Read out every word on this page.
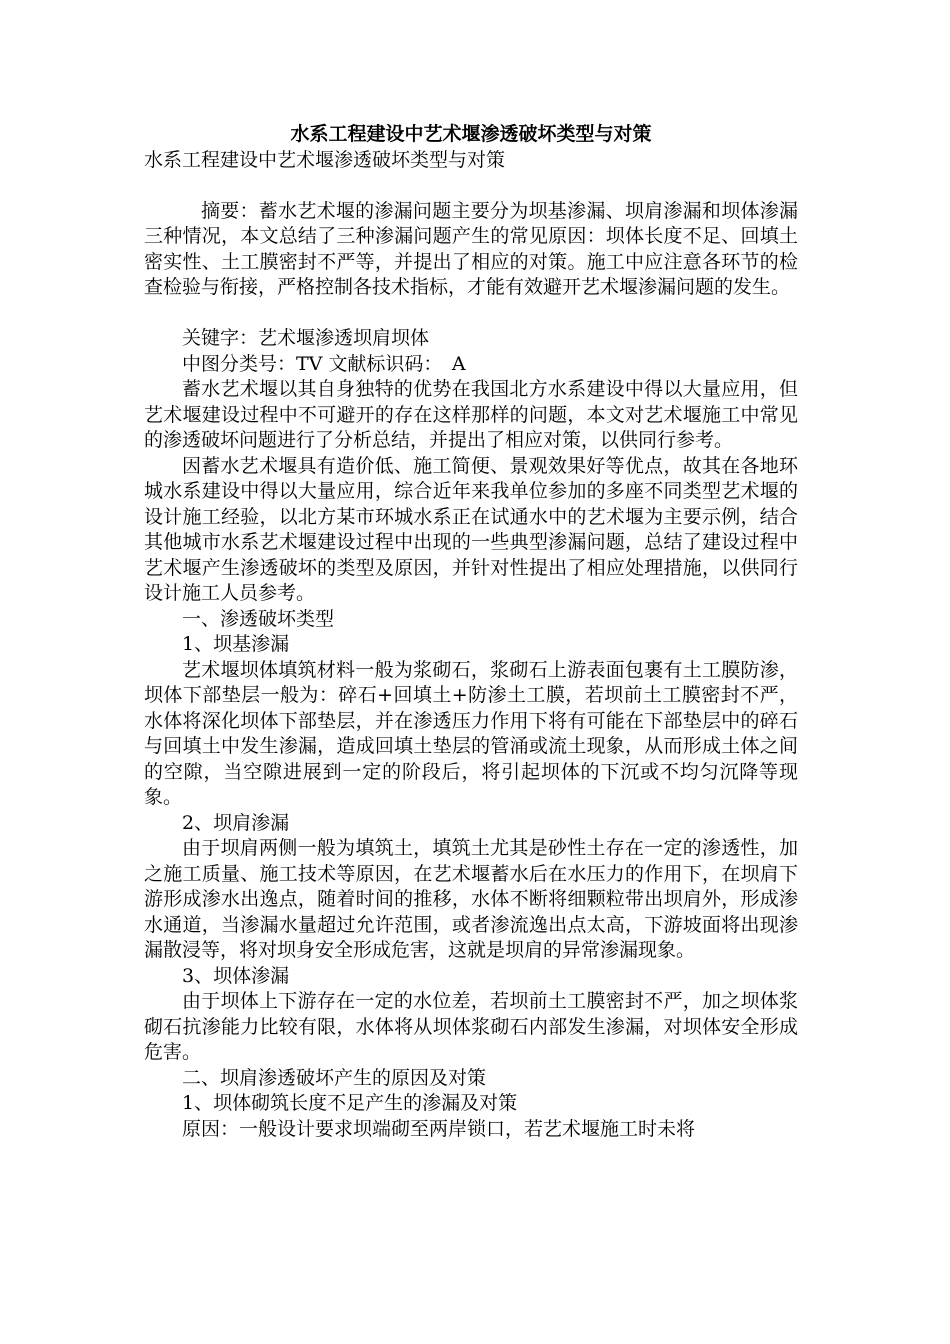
水系工程建设中艺术堰渗透破坏类型与对策

水系工程建设中艺术堰渗透破坏类型与对策

摘要：蓄水艺术堰的渗漏问题主要分为坝基渗漏、坝肩渗漏和坝体渗漏三种情况，本文总结了三种渗漏问题产生的常见原因：坝体长度不足、回填土密实性、土工膜密封不严等，并提出了相应的对策。施工中应注意各环节的检查检验与衔接，严格控制各技术指标，才能有效避开艺术堰渗漏问题的发生。

关键字：艺术堰渗透坝肩坝体

中图分类号：TV 文献标识码：　A

蓄水艺术堰以其自身独特的优势在我国北方水系建设中得以大量应用，但艺术堰建设过程中不可避开的存在这样那样的问题，本文对艺术堰施工中常见的渗透破坏问题进行了分析总结，并提出了相应对策，以供同行参考。

因蓄水艺术堰具有造价低、施工简便、景观效果好等优点，故其在各地环城水系建设中得以大量应用，综合近年来我单位参加的多座不同类型艺术堰的设计施工经验，以北方某市环城水系正在试通水中的艺术堰为主要示例，结合其他城市水系艺术堰建设过程中出现的一些典型渗漏问题，总结了建设过程中艺术堰产生渗透破坏的类型及原因，并针对性提出了相应处理措施，以供同行设计施工人员参考。

一、渗透破坏类型

1、坝基渗漏

艺术堰坝体填筑材料一般为浆砌石，浆砌石上游表面包裹有土工膜防渗，坝体下部垫层一般为：碎石+回填土+防渗土工膜，若坝前土工膜密封不严，水体将深化坝体下部垫层，并在渗透压力作用下将有可能在下部垫层中的碎石与回填土中发生渗漏，造成回填土垫层的管涌或流土现象，从而形成土体之间的空隙，当空隙进展到一定的阶段后，将引起坝体的下沉或不均匀沉降等现象。

2、坝肩渗漏

由于坝肩两侧一般为填筑土，填筑土尤其是砂性土存在一定的渗透性，加之施工质量、施工技术等原因，在艺术堰蓄水后在水压力的作用下，在坝肩下游形成渗水出逸点，随着时间的推移，水体不断将细颗粒带出坝肩外，形成渗水通道，当渗漏水量超过允许范围，或者渗流逸出点太高，下游坡面将出现渗漏散浸等，将对坝身安全形成危害，这就是坝肩的异常渗漏现象。

3、坝体渗漏

由于坝体上下游存在一定的水位差，若坝前土工膜密封不严，加之坝体浆砌石抗渗能力比较有限，水体将从坝体浆砌石内部发生渗漏，对坝体安全形成危害。

二、坝肩渗透破坏产生的原因及对策

1、坝体砌筑长度不足产生的渗漏及对策

原因：一般设计要求坝端砌至两岸锁口，若艺术堰施工时未将
